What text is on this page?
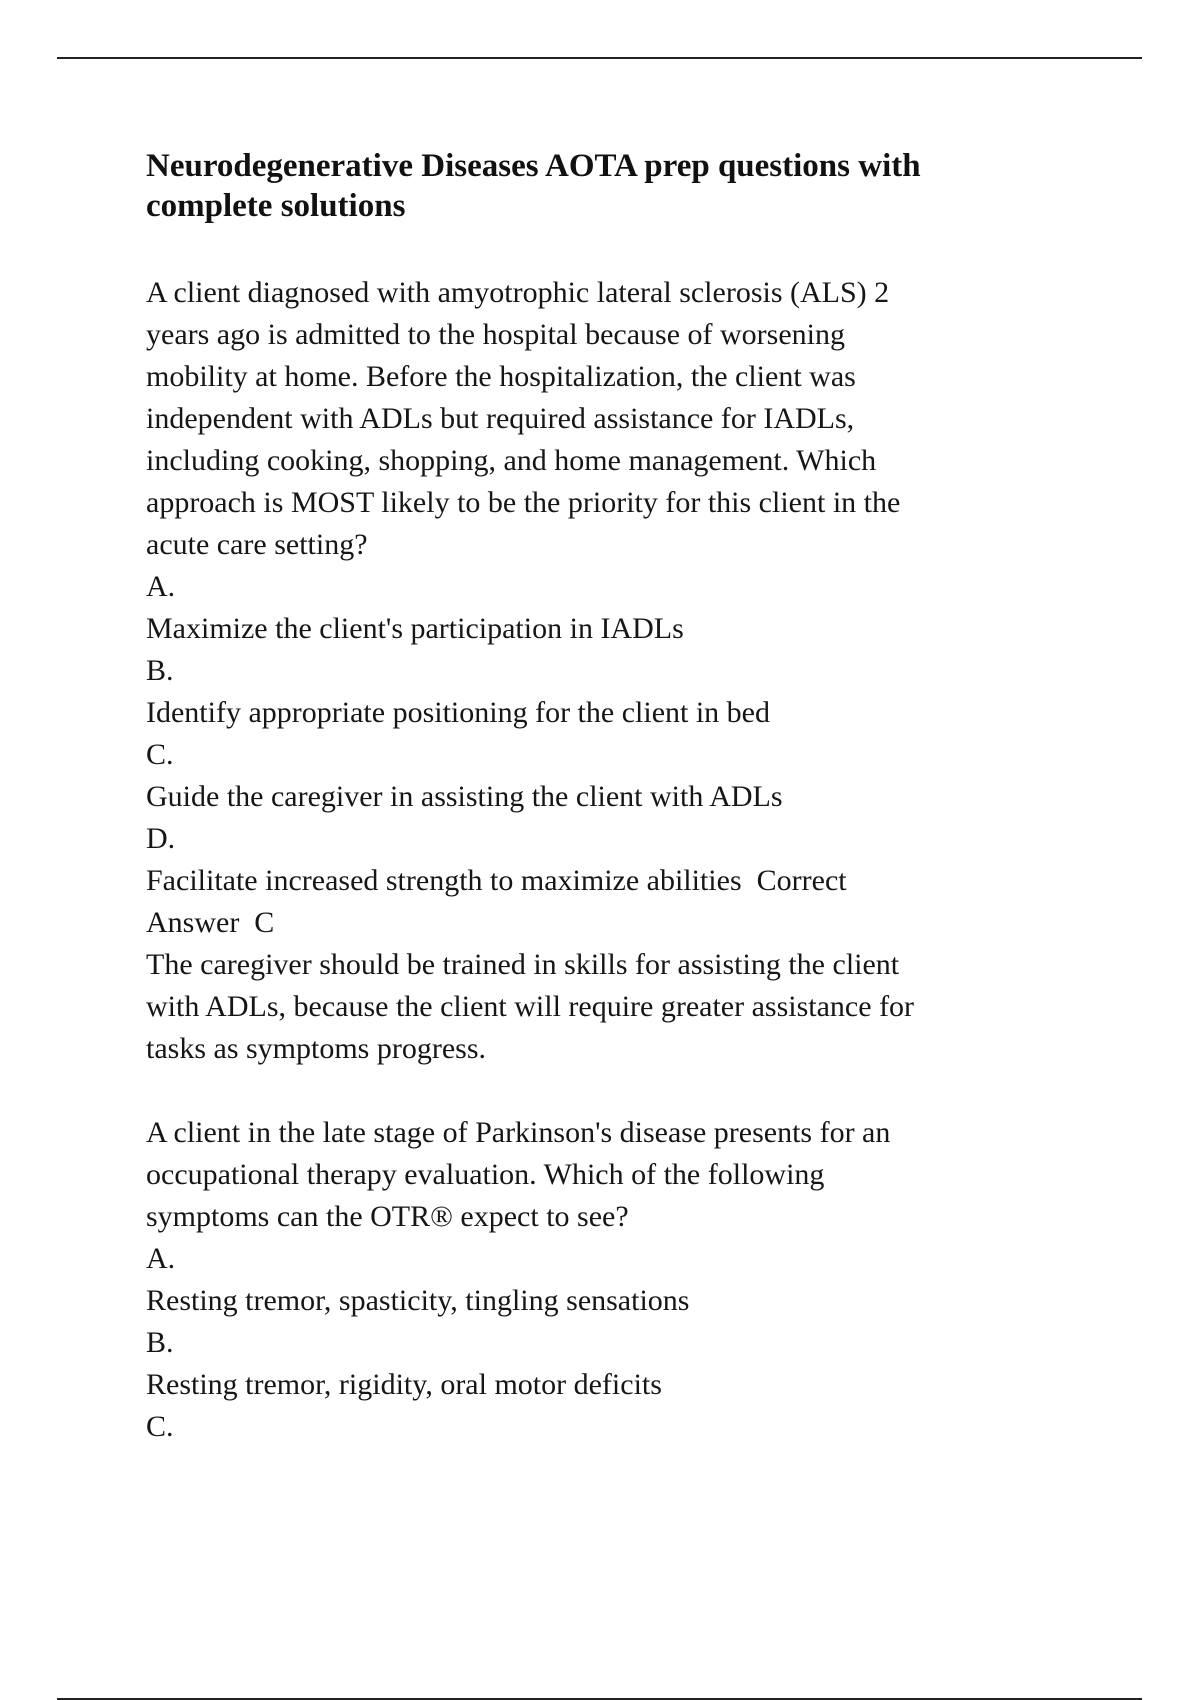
Neurodegenerative Diseases AOTA prep questions with
complete solutions
A client diagnosed with amyotrophic lateral sclerosis (ALS) 2
years ago is admitted to the hospital because of worsening
mobility at home. Before the hospitalization, the client was
independent with ADLs but required assistance for IADLs,
including cooking, shopping, and home management. Which
approach is MOST likely to be the priority for this client in the
acute care setting?
A.
Maximize the client's participation in IADLs
B.
Identify appropriate positioning for the client in bed
C.
Guide the caregiver in assisting the client with ADLs
D.
Facilitate increased strength to maximize abilities  Correct
Answer  C
The caregiver should be trained in skills for assisting the client
with ADLs, because the client will require greater assistance for
tasks as symptoms progress.
A client in the late stage of Parkinson's disease presents for an
occupational therapy evaluation. Which of the following
symptoms can the OTR® expect to see?
A.
Resting tremor, spasticity, tingling sensations
B.
Resting tremor, rigidity, oral motor deficits
C.
